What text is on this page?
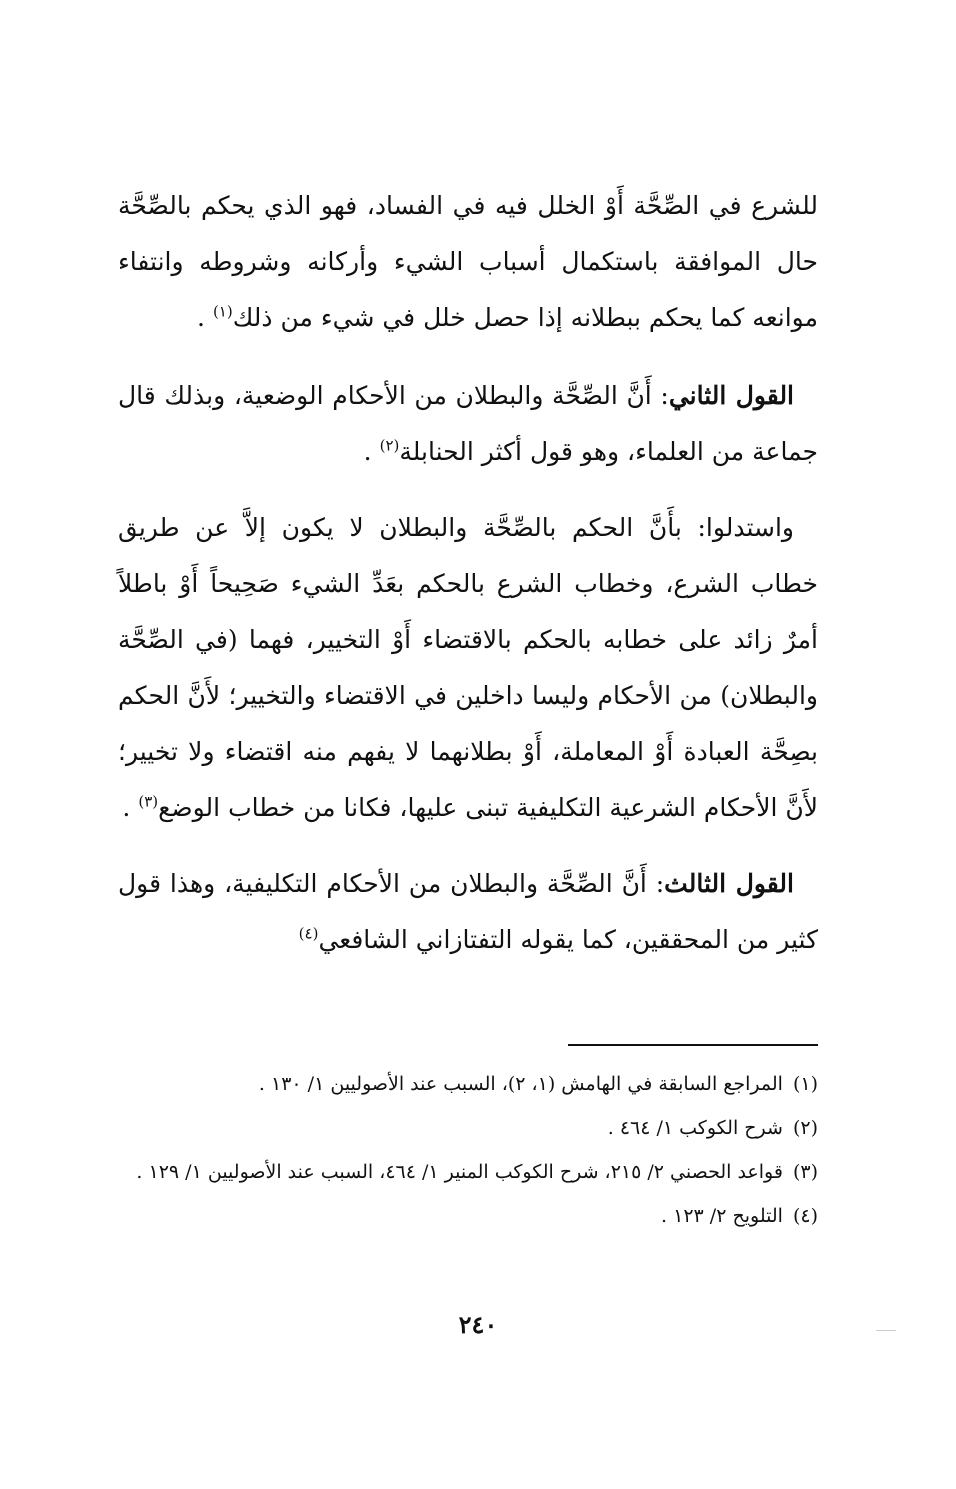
للشرع في الصِّحَّة أَوْ الخلل فيه في الفساد، فهو الذي يحكم بالصِّحَّة حال الموافقة باستكمال أسباب الشيء وأركانه وشروطه وانتفاء موانعه كما يحكم ببطلانه إذا حصل خلل في شيء من ذلك$^{(١)}$ .

القول الثاني: أَنَّ الصِّحَّة والبطلان من الأحكام الوضعية، وبذلك قال جماعة من العلماء، وهو قول أكثر الحنابلة$^{(٢)}$ .

واستدلوا: بأَنَّ الحكم بالصِّحَّة والبطلان لا يكون إلاَّ عن طريق خطاب الشرع، وخطاب الشرع بالحكم بعَدِّ الشيء صَحِيحاً أَوْ باطلاً أمرٌ زائد على خطابه بالحكم بالاقتضاء أَوْ التخيير، فهما (في الصِّحَّة والبطلان) من الأحكام وليسا داخلين في الاقتضاء والتخيير؛ لأَنَّ الحكم بصِحَّة العبادة أَوْ المعاملة، أَوْ بطلانهما لا يفهم منه اقتضاء ولا تخيير؛ لأَنَّ الأحكام الشرعية التكليفية تبنى عليها، فكانا من خطاب الوضع$^{(٣)}$ .

القول الثالث: أَنَّ الصِّحَّة والبطلان من الأحكام التكليفية، وهذا قول كثير من المحققين، كما يقوله التفتازاني الشافعي$^{(٤)}$

(١)
المراجع السابقة في الهامش (١، ٢)، السبب عند الأصوليين ١/ ١٣٠ .
(٢)
شرح الكوكب ١/ ٤٦٤ .
(٣)
قواعد الحصني ٢/ ٢١٥، شرح الكوكب المنير ١/ ٤٦٤، السبب عند الأصوليين ١/ ١٢٩ .
(٤)
التلويح ٢/ ١٢٣ .
٢٤٠
